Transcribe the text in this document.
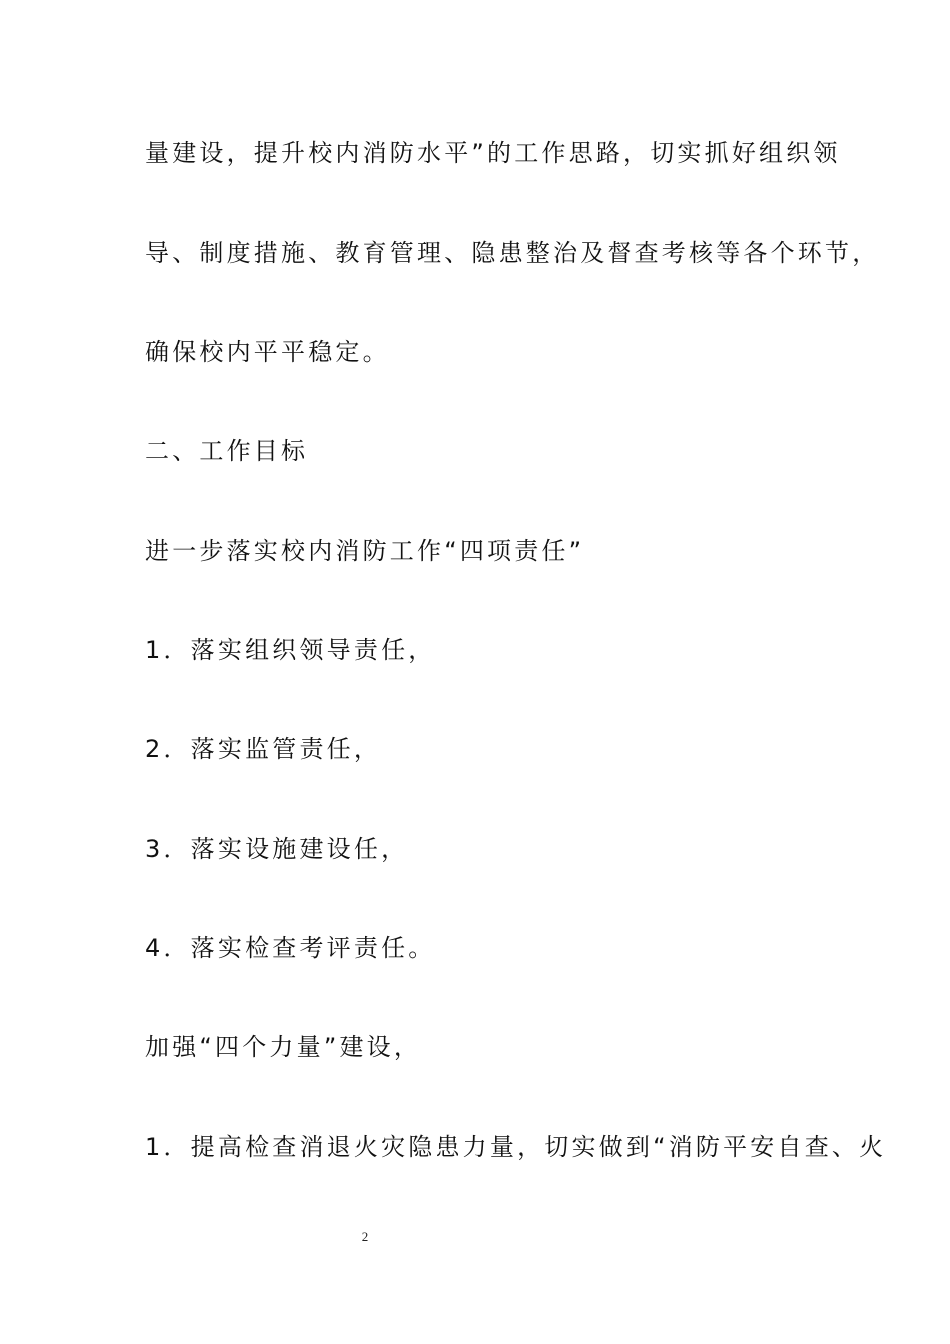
量建设，提升校内消防水平”的工作思路，切实抓好组织领
导、制度措施、教育管理、隐患整治及督查考核等各个环节，
确保校内平平稳定。
二、工作目标
进一步落实校内消防工作“四项责任”
1．落实组织领导责任，
2．落实监管责任，
3．落实设施建设任，
4．落实检查考评责任。
加强“四个力量”建设，
1．提高检查消退火灾隐患力量，切实做到“消防平安自查、火
2
